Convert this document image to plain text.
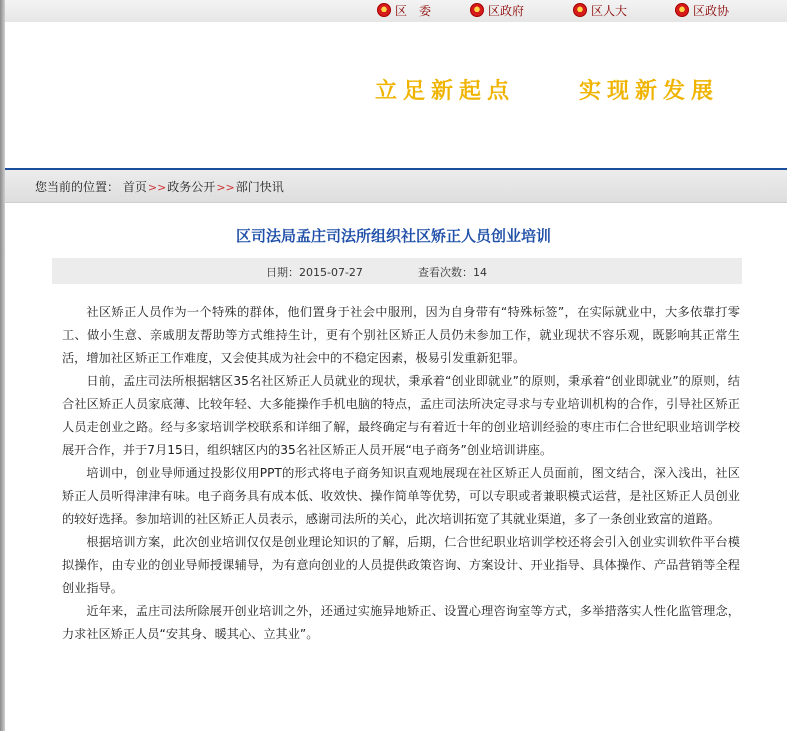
区　委	区政府	区人大	区政协
立足新起点	实现新发展
您当前的位置： 首页>>政务公开>>部门快讯
区司法局孟庄司法所组织社区矫正人员创业培训
日期：2015-07-27	查看次数：14

社区矫正人员作为一个特殊的群体，他们置身于社会中服刑，因为自身带有“特殊标签”，在实际就业中，大多依靠打零工、做小生意、亲戚朋友帮助等方式维持生计，更有个别社区矫正人员仍未参加工作，就业现状不容乐观，既影响其正常生活，增加社区矫正工作难度，又会使其成为社会中的不稳定因素，极易引发重新犯罪。

日前，孟庄司法所根据辖区35名社区矫正人员就业的现状，秉承着“创业即就业”的原则，秉承着“创业即就业”的原则，结合社区矫正人员家底薄、比较年轻、大多能操作手机电脑的特点，孟庄司法所决定寻求与专业培训机构的合作，引导社区矫正人员走创业之路。经与多家培训学校联系和详细了解，最终确定与有着近十年的创业培训经验的枣庄市仁合世纪职业培训学校展开合作，并于7月15日，组织辖区内的35名社区矫正人员开展“电子商务”创业培训讲座。

培训中，创业导师通过投影仪用PPT的形式将电子商务知识直观地展现在社区矫正人员面前，图文结合，深入浅出，社区矫正人员听得津津有味。电子商务具有成本低、收效快、操作简单等优势，可以专职或者兼职模式运营，是社区矫正人员创业的较好选择。参加培训的社区矫正人员表示，感谢司法所的关心，此次培训拓宽了其就业渠道，多了一条创业致富的道路。

根据培训方案，此次创业培训仅仅是创业理论知识的了解，后期，仁合世纪职业培训学校还将会引入创业实训软件平台模拟操作，由专业的创业导师授课辅导，为有意向创业的人员提供政策咨询、方案设计、开业指导、具体操作、产品营销等全程创业指导。

近年来，孟庄司法所除展开创业培训之外，还通过实施异地矫正、设置心理咨询室等方式，多举措落实人性化监管理念，力求社区矫正人员“安其身、暖其心、立其业”。
